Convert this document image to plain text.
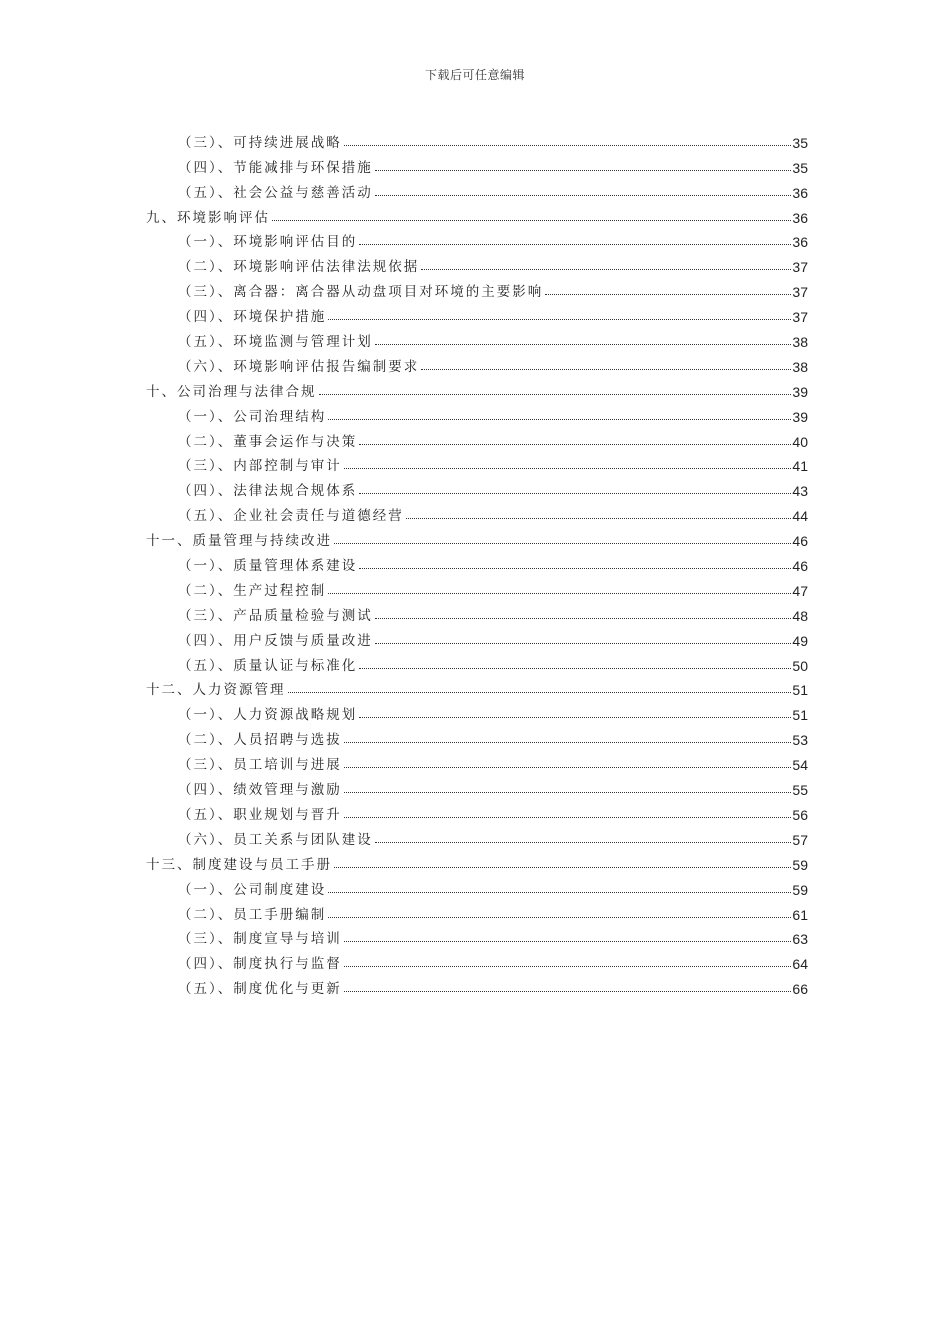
下载后可任意编辑
（三）、可持续进展战略	35
（四）、节能减排与环保措施	35
（五）、社会公益与慈善活动	36
九、环境影响评估	36
（一）、环境影响评估目的	36
（二）、环境影响评估法律法规依据	37
（三）、离合器：离合器从动盘项目对环境的主要影响	37
（四）、环境保护措施	37
（五）、环境监测与管理计划	38
（六）、环境影响评估报告编制要求	38
十、公司治理与法律合规	39
（一）、公司治理结构	39
（二）、董事会运作与决策	40
（三）、内部控制与审计	41
（四）、法律法规合规体系	43
（五）、企业社会责任与道德经营	44
十一、质量管理与持续改进	46
（一）、质量管理体系建设	46
（二）、生产过程控制	47
（三）、产品质量检验与测试	48
（四）、用户反馈与质量改进	49
（五）、质量认证与标准化	50
十二、人力资源管理	51
（一）、人力资源战略规划	51
（二）、人员招聘与选拔	53
（三）、员工培训与进展	54
（四）、绩效管理与激励	55
（五）、职业规划与晋升	56
（六）、员工关系与团队建设	57
十三、制度建设与员工手册	59
（一）、公司制度建设	59
（二）、员工手册编制	61
（三）、制度宣导与培训	63
（四）、制度执行与监督	64
（五）、制度优化与更新	66
